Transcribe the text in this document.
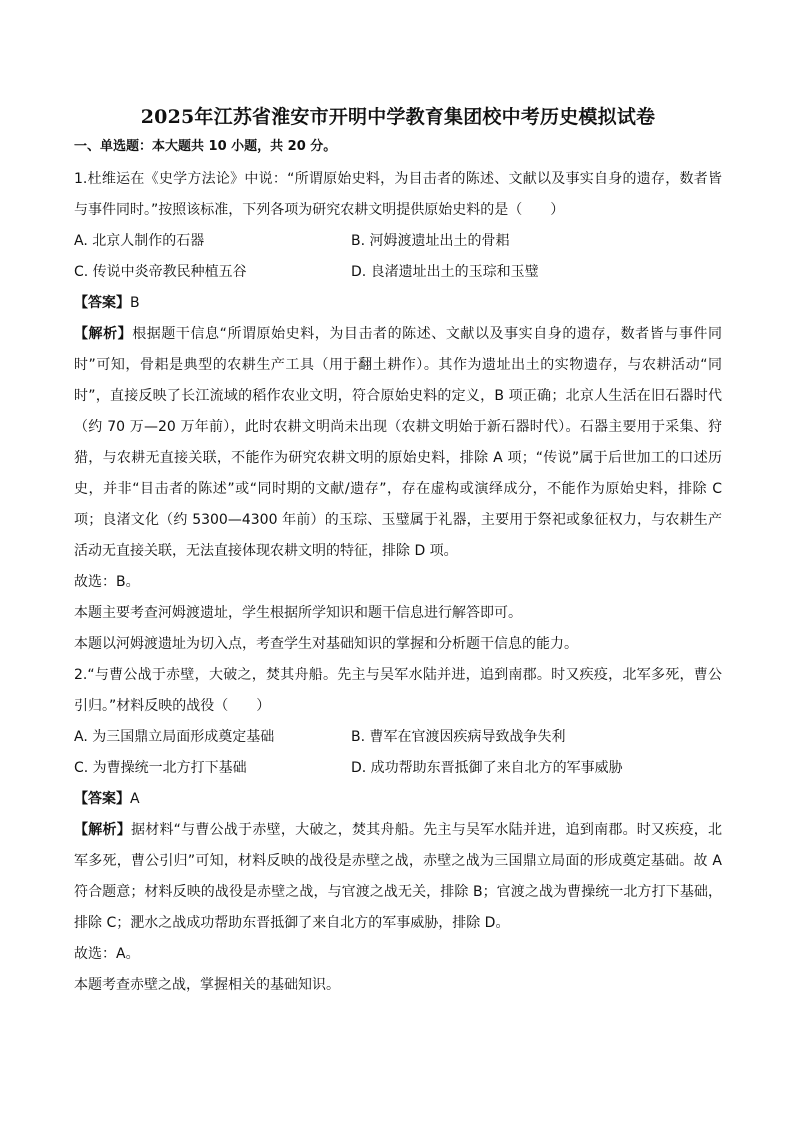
2025年江苏省淮安市开明中学教育集团校中考历史模拟试卷
一、单选题：本大题共 10 小题，共 20 分。

1.杜维运在《史学方法论》中说：“所谓原始史料，为目击者的陈述、文献以及事实自身的遗存，数者皆与事件同时。”按照该标准，下列各项为研究农耕文明提供原始史料的是（　　）

A. 北京人制作的石器	B. 河姆渡遗址出土的骨耜
C. 传说中炎帝教民种植五谷	D. 良渚遗址出土的玉琮和玉璧

【答案】B

【解析】根据题干信息“所谓原始史料，为目击者的陈述、文献以及事实自身的遗存，数者皆与事件同时”可知，骨耜是典型的农耕生产工具（用于翻土耕作）。其作为遗址出土的实物遗存，与农耕活动“同时”，直接反映了长江流域的稻作农业文明，符合原始史料的定义，B 项正确；北京人生活在旧石器时代（约 70 万—20 万年前），此时农耕文明尚未出现（农耕文明始于新石器时代）。石器主要用于采集、狩猎，与农耕无直接关联，不能作为研究农耕文明的原始史料，排除 A 项；“传说”属于后世加工的口述历史，并非“目击者的陈述”或“同时期的文献/遗存”，存在虚构或演绎成分，不能作为原始史料，排除 C 项；良渚文化（约 5300—4300 年前）的玉琮、玉璧属于礼器，主要用于祭祀或象征权力，与农耕生产活动无直接关联，无法直接体现农耕文明的特征，排除 D 项。

故选：B。

本题主要考查河姆渡遗址，学生根据所学知识和题干信息进行解答即可。

本题以河姆渡遗址为切入点，考查学生对基础知识的掌握和分析题干信息的能力。

2.“与曹公战于赤壁，大破之，焚其舟船。先主与吴军水陆并进，追到南郡。时又疾疫，北军多死，曹公引归。”材料反映的战役（　　）

A. 为三国鼎立局面形成奠定基础	B. 曹军在官渡因疾病导致战争失利
C. 为曹操统一北方打下基础	D. 成功帮助东晋抵御了来自北方的军事威胁

【答案】A

【解析】据材料“与曹公战于赤壁，大破之，焚其舟船。先主与吴军水陆并进，追到南郡。时又疾疫，北军多死，曹公引归”可知，材料反映的战役是赤壁之战，赤壁之战为三国鼎立局面的形成奠定基础。故 A 符合题意；材料反映的战役是赤壁之战，与官渡之战无关，排除 B；官渡之战为曹操统一北方打下基础，排除 C；淝水之战成功帮助东晋抵御了来自北方的军事威胁，排除 D。

故选：A。

本题考查赤壁之战，掌握相关的基础知识。
